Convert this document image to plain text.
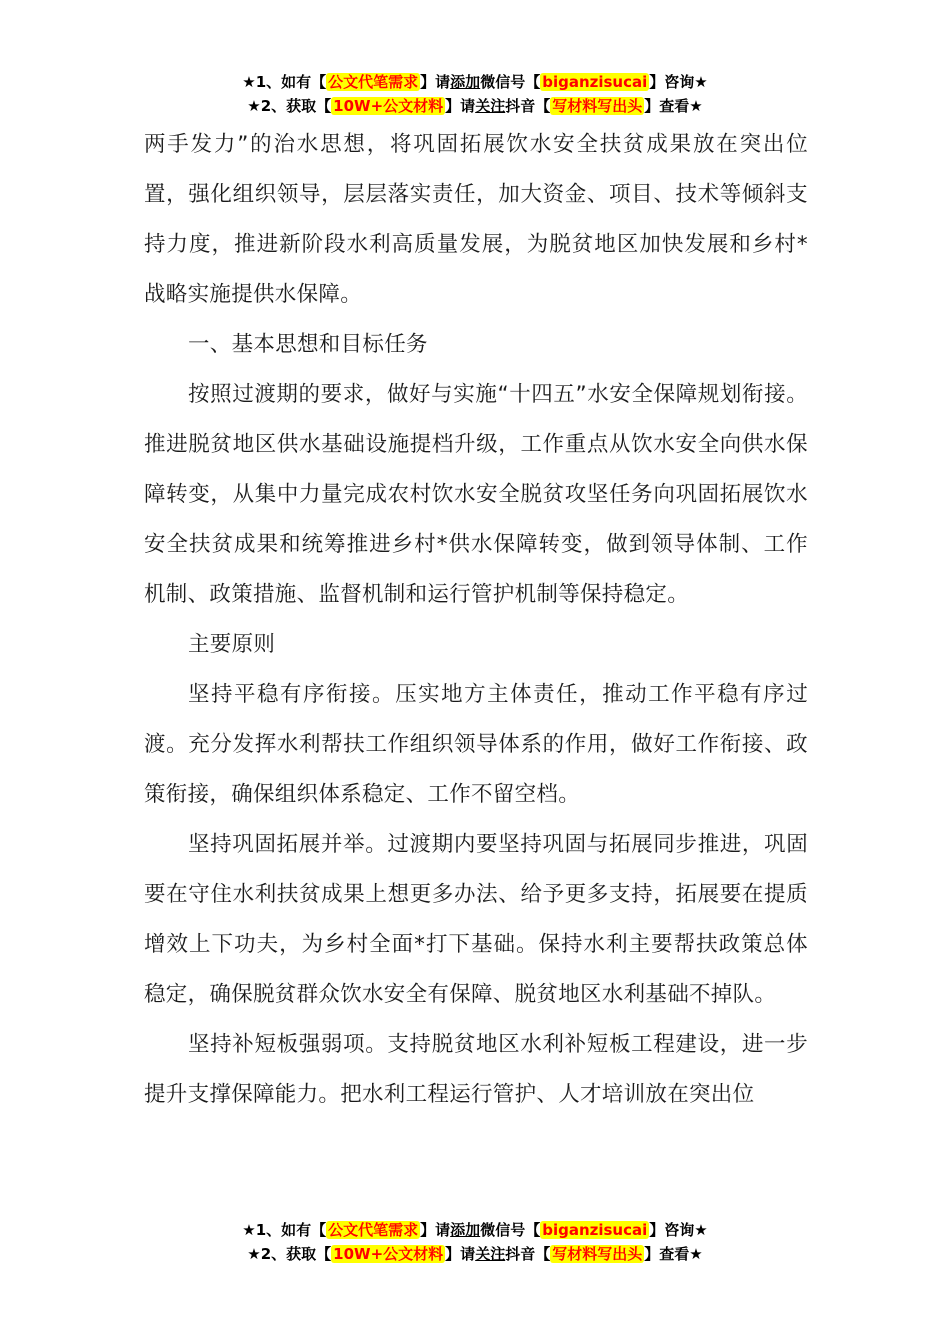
★1、如有【 公文代笔需求 】请添加微信号【 biganzisucai 】咨询★
★2、获取【 10W+公文材料 】请关注抖音【 写材料写出头 】查看★

两手发力”的治水思想，将巩固拓展饮水安全扶贫成果放在突出位置，强化组织领导，层层落实责任，加大资金、项目、技术等倾斜支持力度，推进新阶段水利高质量发展，为脱贫地区加快发展和乡村*战略实施提供水保障。

一、基本思想和目标任务

按照过渡期的要求，做好与实施“十四五”水安全保障规划衔接。推进脱贫地区供水基础设施提档升级，工作重点从饮水安全向供水保障转变，从集中力量完成农村饮水安全脱贫攻坚任务向巩固拓展饮水安全扶贫成果和统筹推进乡村*供水保障转变，做到领导体制、工作机制、政策措施、监督机制和运行管护机制等保持稳定。

主要原则

坚持平稳有序衔接。压实地方主体责任，推动工作平稳有序过渡。充分发挥水利帮扶工作组织领导体系的作用，做好工作衔接、政策衔接，确保组织体系稳定、工作不留空档。

坚持巩固拓展并举。过渡期内要坚持巩固与拓展同步推进，巩固要在守住水利扶贫成果上想更多办法、给予更多支持，拓展要在提质增效上下功夫，为乡村全面*打下基础。保持水利主要帮扶政策总体稳定，确保脱贫群众饮水安全有保障、脱贫地区水利基础不掉队。

坚持补短板强弱项。支持脱贫地区水利补短板工程建设，进一步提升支撑保障能力。把水利工程运行管护、人才培训放在突出位

★1、如有【 公文代笔需求 】请添加微信号【 biganzisucai 】咨询★
★2、获取【 10W+公文材料 】请关注抖音【 写材料写出头 】查看★
